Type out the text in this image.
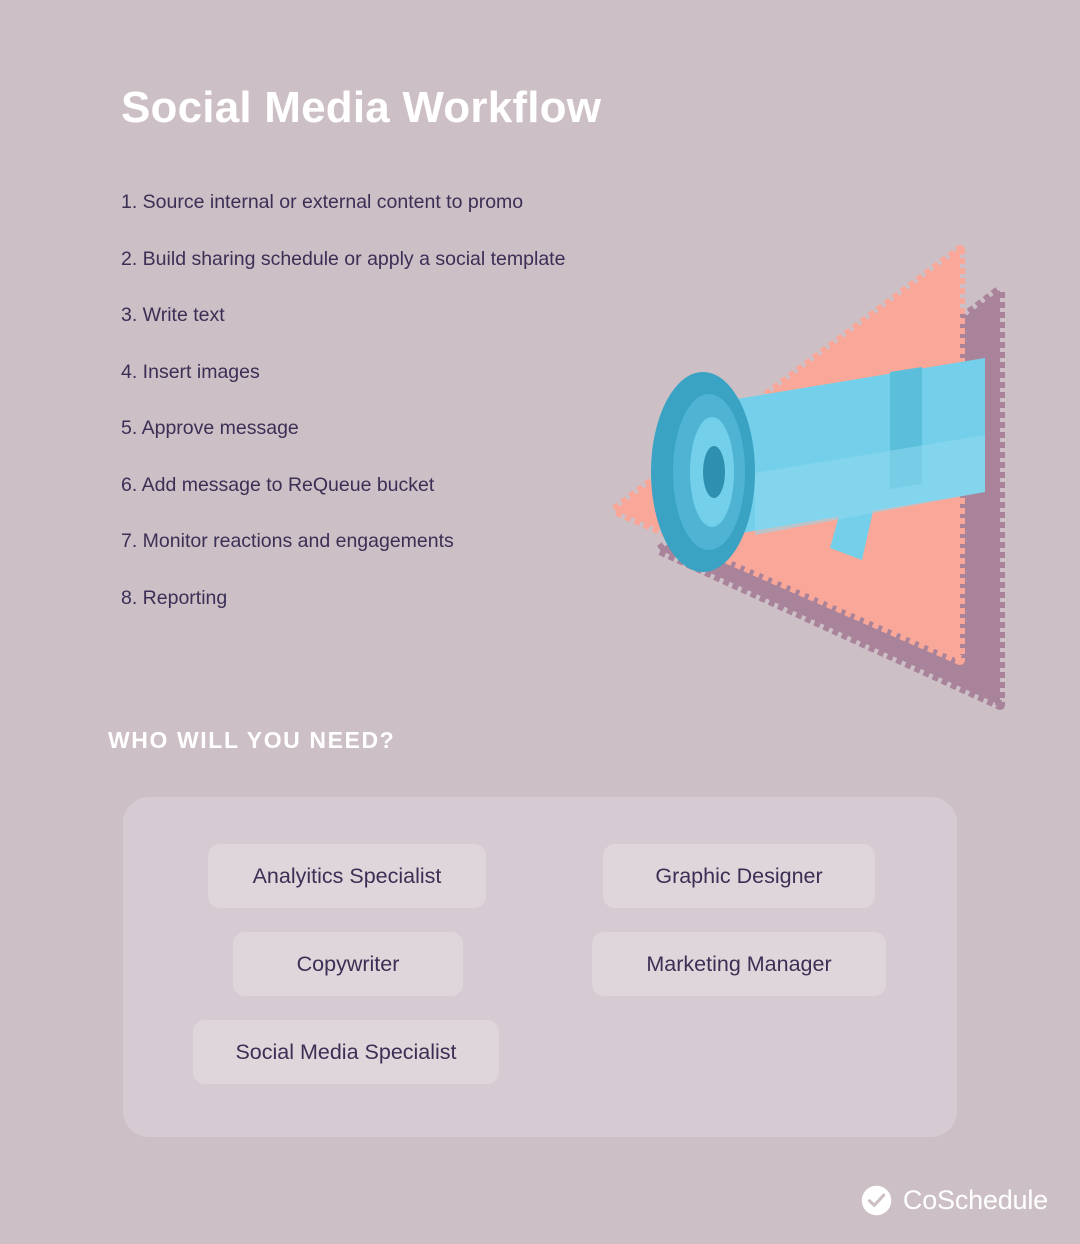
Social Media Workflow
1. Source internal or external content to promo
2. Build sharing schedule or apply a social template
3. Write text
4. Insert images
5. Approve message
6. Add message to ReQueue bucket
7. Monitor reactions and engagements
8. Reporting
WHO WILL YOU NEED?
Analyitics Specialist
Copywriter
Social Media Specialist
Graphic Designer
Marketing Manager
CoSchedule
